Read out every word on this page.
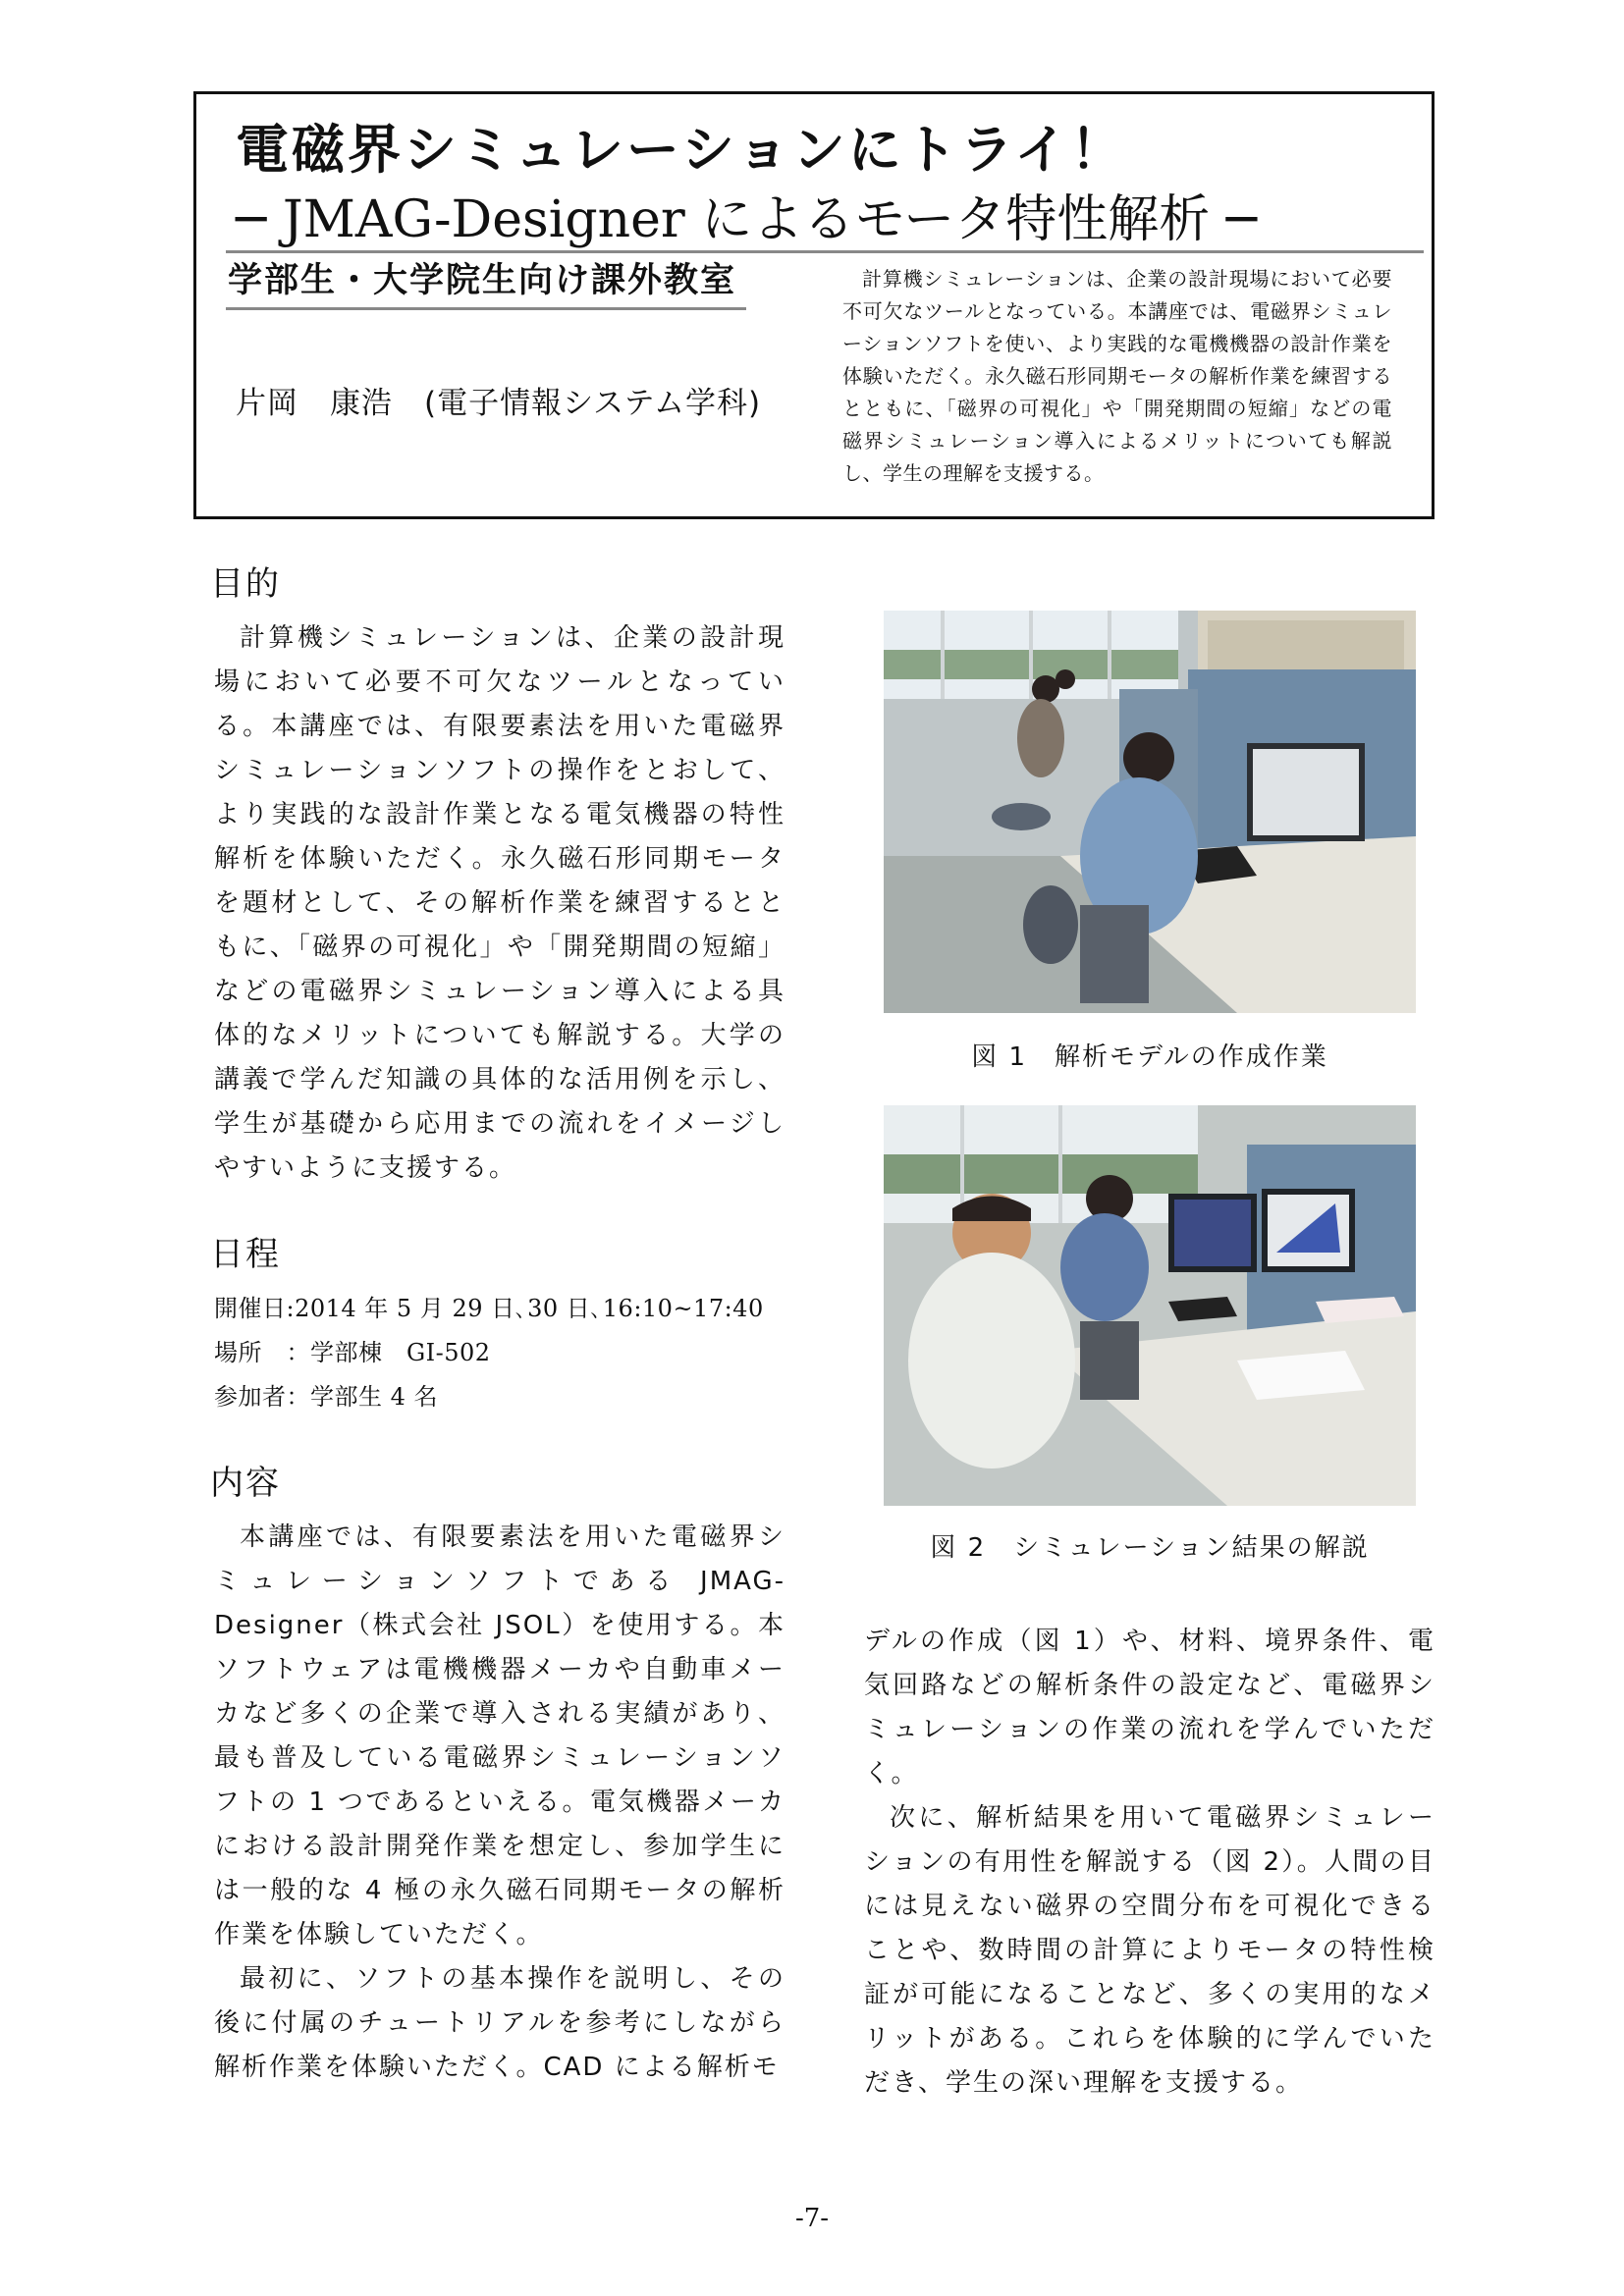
電磁界シミュレーションにトライ！
─ JMAG-Designer によるモータ特性解析 ─
学部生・大学院生向け課外教室
片岡　康浩　(電子情報システム学科)
計算機シミュレーションは、企業の設計現場において必要不可欠なツールとなっている。本講座では、電磁界シミュレーションソフトを使い、より実践的な電機機器の設計作業を体験いただく。永久磁石形同期モータの解析作業を練習するとともに、「磁界の可視化」や「開発期間の短縮」などの電磁界シミュレーション導入によるメリットについても解説し、学生の理解を支援する。
目的

計算機シミュレーションは、企業の設計現場において必要不可欠なツールとなっている。本講座では、有限要素法を用いた電磁界シミュレーションソフトの操作をとおして、より実践的な設計作業となる電気機器の特性解析を体験いただく。永久磁石形同期モータを題材として、その解析作業を練習するとともに、「磁界の可視化」や「開発期間の短縮」などの電磁界シミュレーション導入による具体的なメリットについても解説する。大学の講義で学んだ知識の具体的な活用例を示し、学生が基礎から応用までの流れをイメージしやすいように支援する。

日程

開催日:2014 年 5 月 29 日､30 日､16:10~17:40

場所　：学部棟　GI-502

参加者：学部生 4 名

内容

本講座では、有限要素法を用いた電磁界シミュレーションソフトである JMAG-Designer（株式会社 JSOL）を使用する。本ソフトウェアは電機機器メーカや自動車メーカなど多くの企業で導入される実績があり、最も普及している電磁界シミュレーションソフトの 1 つであるといえる。電気機器メーカにおける設計開発作業を想定し、参加学生には一般的な 4 極の永久磁石同期モータの解析作業を体験していただく。

最初に、ソフトの基本操作を説明し、その後に付属のチュートリアルを参考にしながら解析作業を体験いただく。CAD による解析モ

図 1　解析モデルの作成作業
図 2　シミュレーション結果の解説

デルの作成（図 1）や、材料、境界条件、電気回路などの解析条件の設定など、電磁界シミュレーションの作業の流れを学んでいただく。

次に、解析結果を用いて電磁界シミュレーションの有用性を解説する（図 2）。人間の目には見えない磁界の空間分布を可視化できることや、数時間の計算によりモータの特性検証が可能になることなど、多くの実用的なメリットがある。これらを体験的に学んでいただき、学生の深い理解を支援する。

-7-
